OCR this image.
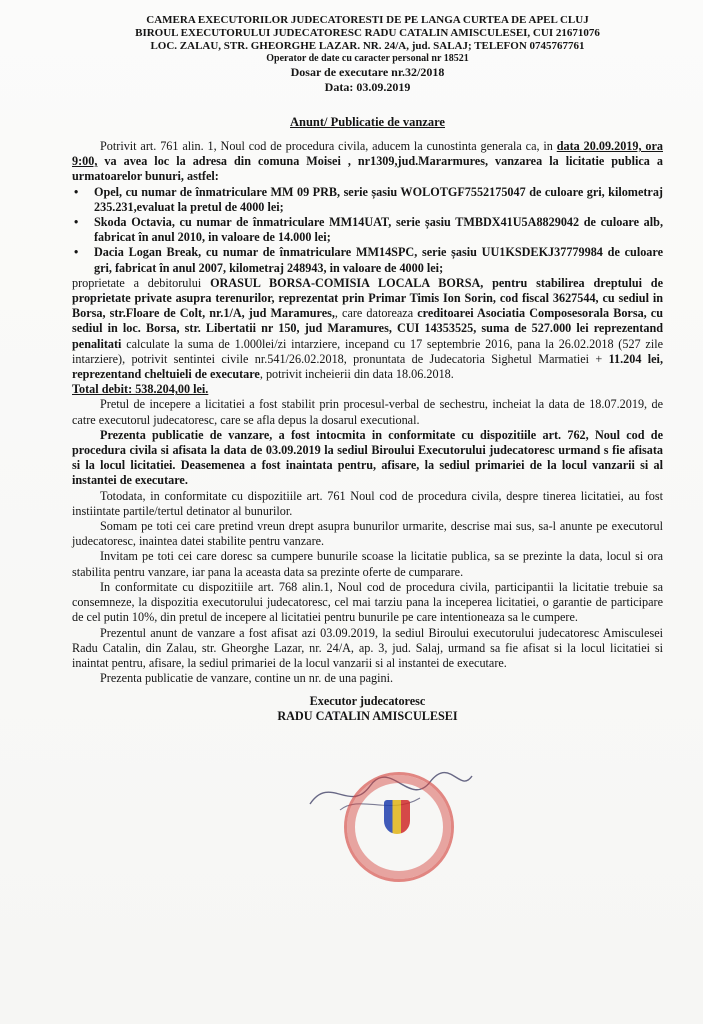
CAMERA EXECUTORILOR JUDECATORESTI DE PE LANGA CURTEA DE APEL CLUJ
BIROUL EXECUTORULUI JUDECATORESC RADU CATALIN AMISCULESEI, CUI 21671076
LOC. ZALAU, STR. GHEORGHE LAZAR. NR. 24/A, jud. SALAJ; TELEFON 0745767761
Operator de date cu caracter personal nr 18521
Dosar de executare nr.32/2018
Data: 03.09.2019
Anunt/ Publicatie de vanzare

Potrivit art. 761 alin. 1, Noul cod de procedura civila, aducem la cunostinta generala ca, in data 20.09.2019, ora 9:00, va avea loc la adresa din comuna Moisei , nr1309,jud.Mararmures, vanzarea la licitatie publica a urmatoarelor bunuri, astfel:

• Opel, cu numar de înmatriculare MM 09 PRB, serie șasiu WOLOTGF7552175047 de culoare gri, kilometraj 235.231,evaluat la pretul de 4000 lei;
• Skoda Octavia, cu numar de înmatriculare MM14UAT, serie șasiu TMBDX41U5A8829042 de culoare alb, fabricat în anul 2010, in valoare de 14.000 lei;
• Dacia Logan Break, cu numar de înmatriculare MM14SPC, serie șasiu UU1KSDEKJ37779984 de culoare gri, fabricat în anul 2007, kilometraj 248943, in valoare de 4000 lei;

proprietate a debitorului ORASUL BORSA-COMISIA LOCALA BORSA, pentru stabilirea dreptului de proprietate private asupra terenurilor, reprezentat prin Primar Timis Ion Sorin, cod fiscal 3627544, cu sediul in Borsa, str.Floare de Colt, nr.1/A, jud Maramures,, care datoreaza creditoarei Asociatia Composesorala Borsa, cu sediul in loc. Borsa, str. Libertatii nr 150, jud Maramures, CUI 14353525, suma de 527.000 lei reprezentand penalitati calculate la suma de 1.000lei/zi intarziere, incepand cu 17 septembrie 2016, pana la 26.02.2018 (527 zile intarziere), potrivit sentintei civile nr.541/26.02.2018, pronuntata de Judecatoria Sighetul Marmatiei + 11.204 lei, reprezentand cheltuieli de executare, potrivit incheierii din data 18.06.2018.

Total debit: 538.204,00 lei.

Pretul de incepere a licitatiei a fost stabilit prin procesul-verbal de sechestru, incheiat la data de 18.07.2019, de catre executorul judecatoresc, care se afla depus la dosarul executional.

Prezenta publicatie de vanzare, a fost intocmita in conformitate cu dispozitiile art. 762, Noul cod de procedura civila si afisata la data de 03.09.2019 la sediul Biroului Executorului judecatoresc urmand s fie afisata si la locul licitatiei. Deasemenea a fost inaintata pentru, afisare, la sediul primariei de la locul vanzarii si al instantei de executare.

Totodata, in conformitate cu dispozitiile art. 761 Noul cod de procedura civila, despre tinerea licitatiei, au fost instiintate partile/tertul detinator al bunurilor.

Somam pe toti cei care pretind vreun drept asupra bunurilor urmarite, descrise mai sus, sa-l anunte pe executorul judecatoresc, inaintea datei stabilite pentru vanzare.

Invitam pe toti cei care doresc sa cumpere bunurile scoase la licitatie publica, sa se prezinte la data, locul si ora stabilita pentru vanzare, iar pana la aceasta data sa prezinte oferte de cumparare.

In conformitate cu dispozitiile art. 768 alin.1, Noul cod de procedura civila, participantii la licitatie trebuie sa consemneze, la dispozitia executorului judecatoresc, cel mai tarziu pana la inceperea licitatiei, o garantie de participare de cel putin 10%, din pretul de incepere al licitatiei pentru bunurile pe care intentioneaza sa le cumpere.

Prezentul anunt de vanzare a fost afisat azi 03.09.2019, la sediul Biroului executorului judecatoresc Amisculesei Radu Catalin, din Zalau, str. Gheorghe Lazar, nr. 24/A, ap. 3, jud. Salaj, urmand sa fie afisat si la locul licitatiei si inaintat pentru, afisare, la sediul primariei de la locul vanzarii si al instantei de executare.

Prezenta publicatie de vanzare, contine un nr. de una pagini.

Executor judecatoresc
RADU CATALIN AMISCULESEI
